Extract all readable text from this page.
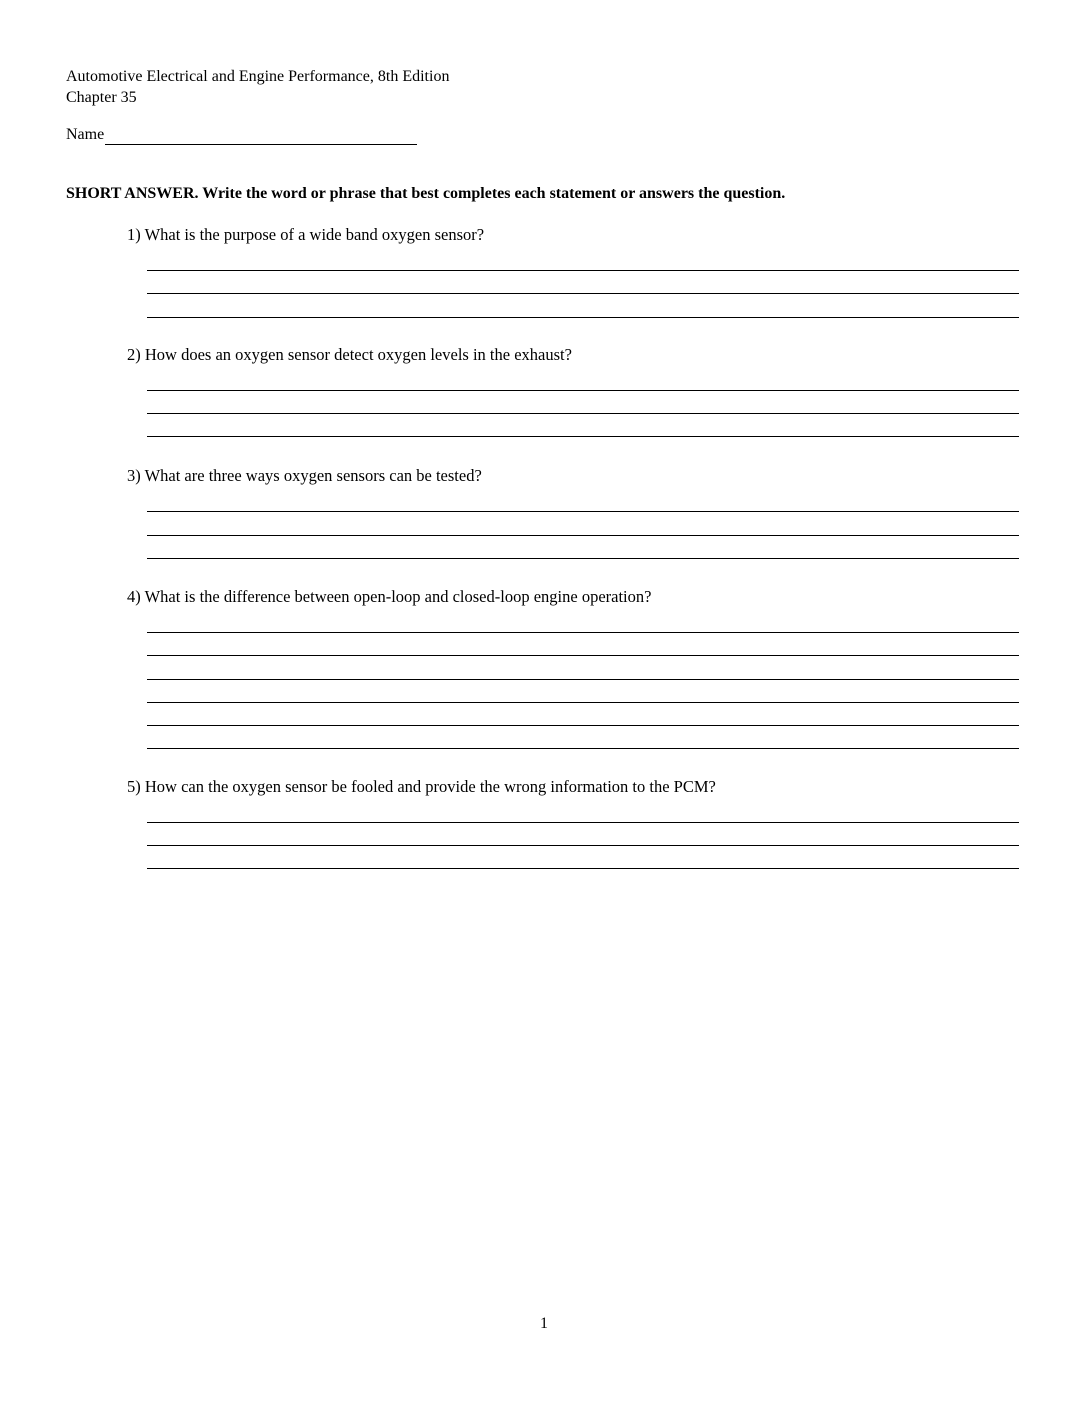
Automotive Electrical and Engine Performance, 8th Edition
Chapter 35
Name
SHORT ANSWER. Write the word or phrase that best completes each statement or answers the question.
1) What is the purpose of a wide band oxygen sensor?
2) How does an oxygen sensor detect oxygen levels in the exhaust?
3) What are three ways oxygen sensors can be tested?
4) What is the difference between open-loop and closed-loop engine operation?
5) How can the oxygen sensor be fooled and provide the wrong information to the PCM?
1
